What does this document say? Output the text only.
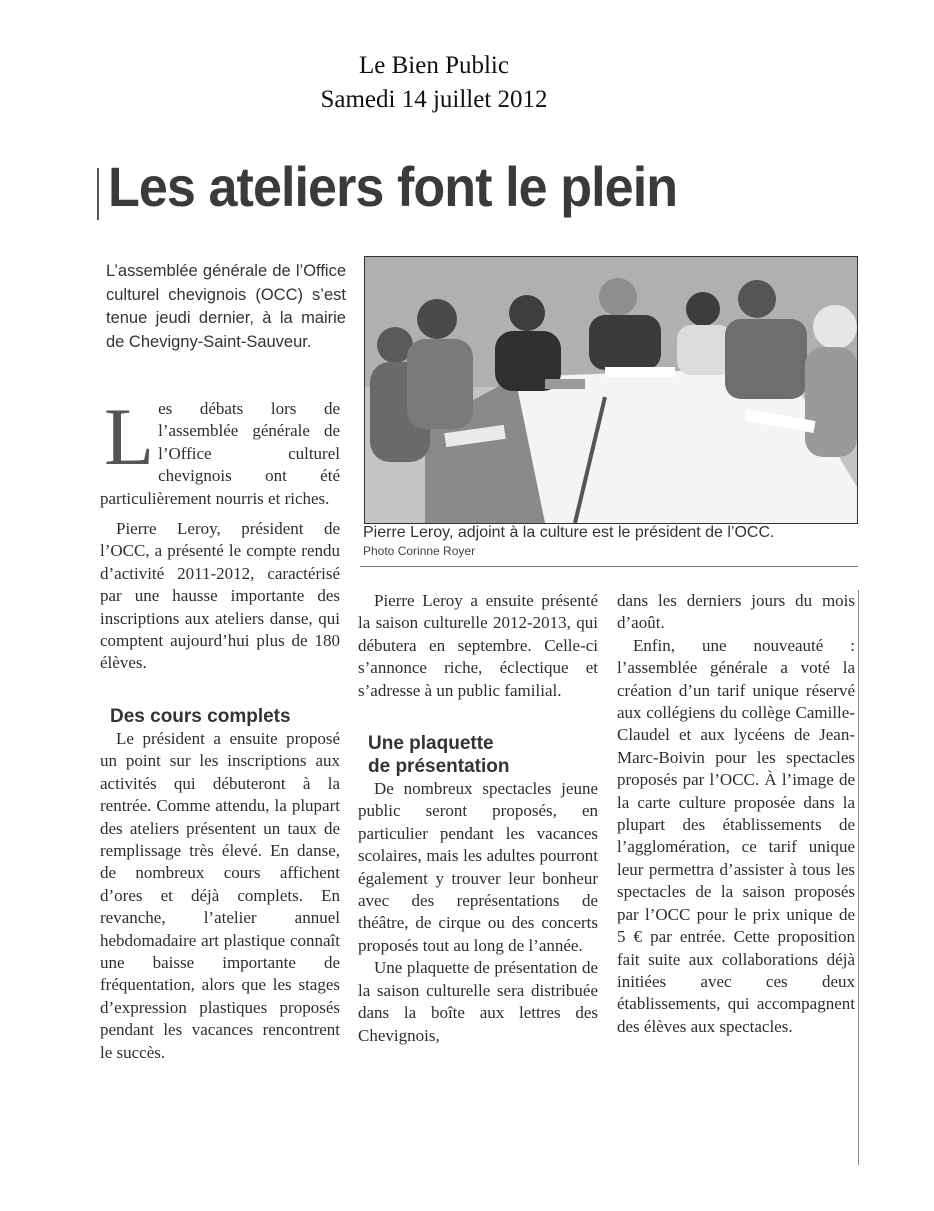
Le Bien Public
Samedi 14 juillet 2012
Les ateliers font le plein
L’assemblée générale de l’Office culturel chevignois (OCC) s’est tenue jeudi dernier, à la mairie de Chevigny-Saint-Sauveur.
Pierre Leroy, adjoint à la culture est le président de l’OCC.
Photo Corinne Royer

Les débats lors de l’assemblée générale de l’Office culturel chevignois ont été particulièrement nourris et riches.

Pierre Leroy, président de l’OCC, a présenté le compte rendu d’activité 2011-2012, caractérisé par une hausse importante des inscriptions aux ateliers danse, qui comptent aujourd’hui plus de 180 élèves.

Des cours complets

Le président a ensuite proposé un point sur les inscriptions aux activités qui débuteront à la rentrée. Comme attendu, la plupart des ateliers présentent un taux de remplissage très élevé. En danse, de nombreux cours affichent d’ores et déjà complets. En revanche, l’atelier annuel hebdomadaire art plastique connaît une baisse importante de fréquentation, alors que les stages d’expression plastiques proposés pendant les vacances rencontrent le succès.

Pierre Leroy a ensuite présenté la saison culturelle 2012-2013, qui débutera en septembre. Celle-ci s’annonce riche, éclectique et s’adresse à un public familial.

Une plaquette
de présentation

De nombreux spectacles jeune public seront proposés, en particulier pendant les vacances scolaires, mais les adultes pourront également y trouver leur bonheur avec des représentations de théâtre, de cirque ou des concerts proposés tout au long de l’année.

Une plaquette de présentation de la saison culturelle sera distribuée dans la boîte aux lettres des Chevignois,

dans les derniers jours du mois d’août.

Enfin, une nouveauté : l’assemblée générale a voté la création d’un tarif unique réservé aux collégiens du collège Camille-Claudel et aux lycéens de Jean-Marc-Boivin pour les spectacles proposés par l’OCC. À l’image de la carte culture proposée dans la plupart des établissements de l’agglomération, ce tarif unique leur permettra d’assister à tous les spectacles de la saison proposés par l’OCC pour le prix unique de 5 € par entrée. Cette proposition fait suite aux collaborations déjà initiées avec ces deux établissements, qui accompagnent des élèves aux spectacles.
